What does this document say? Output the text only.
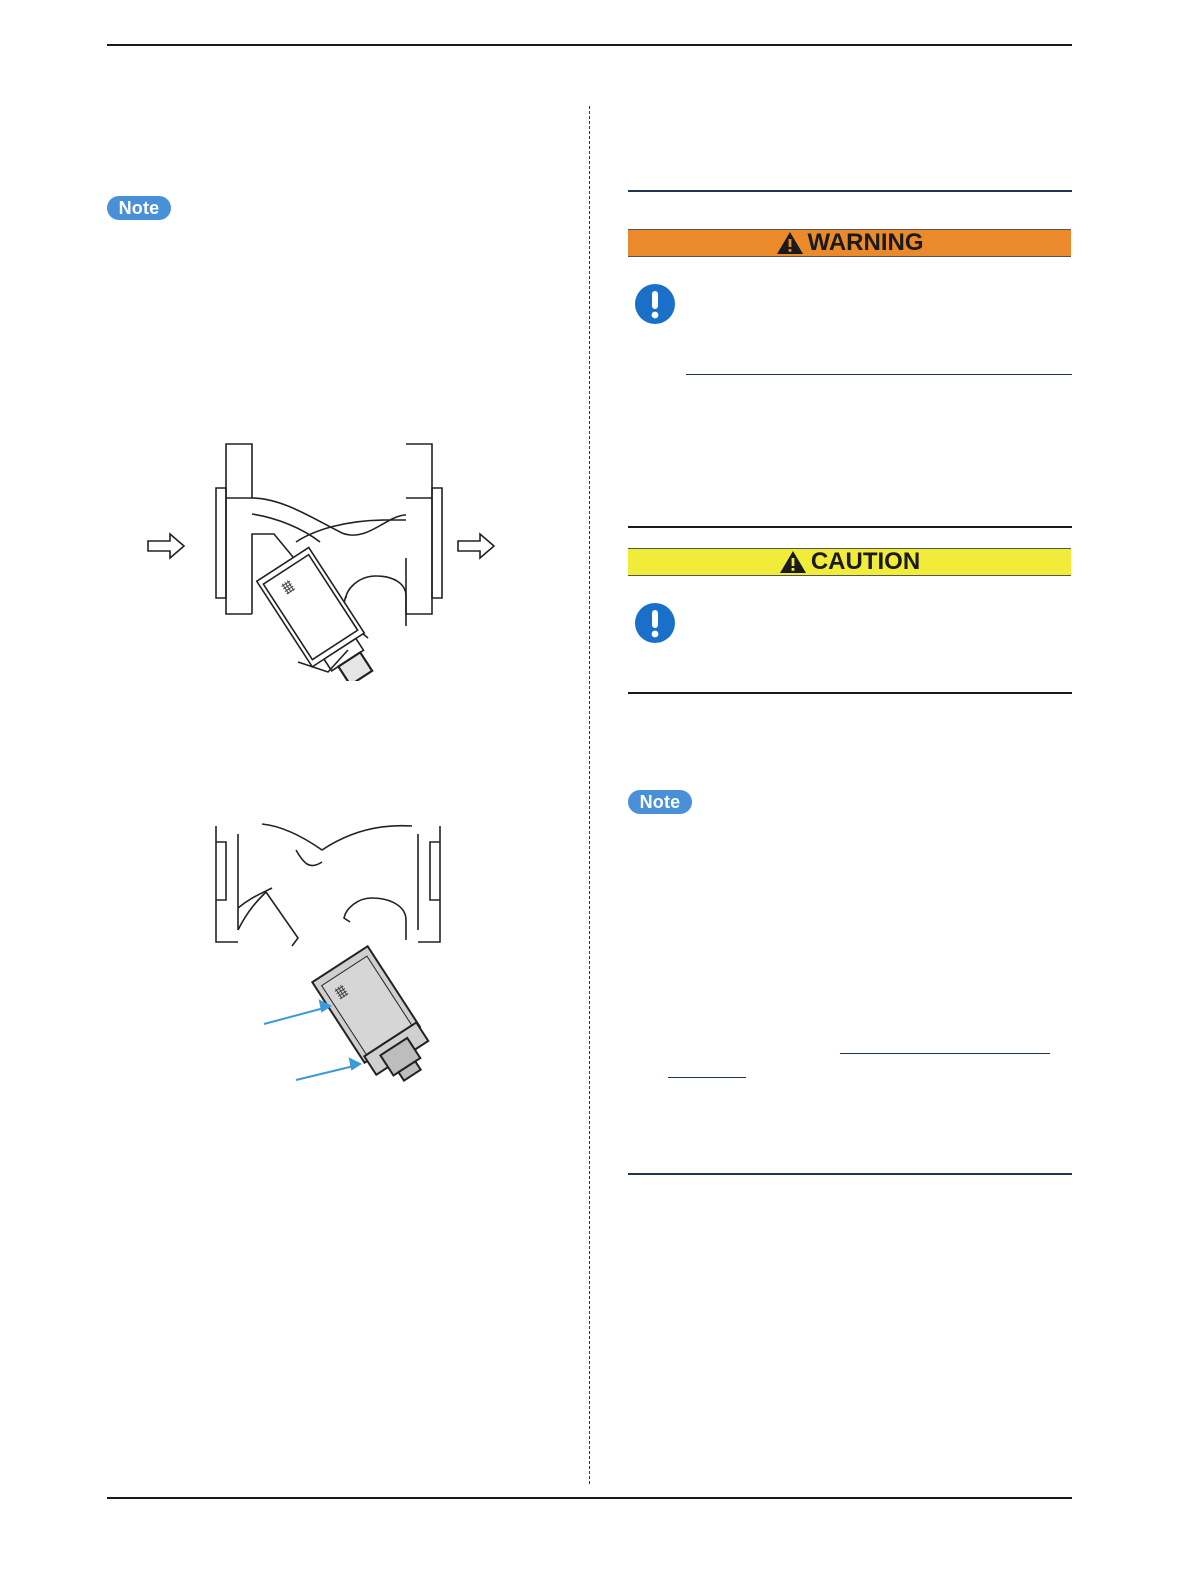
Note
WARNING
CAUTION
Note
